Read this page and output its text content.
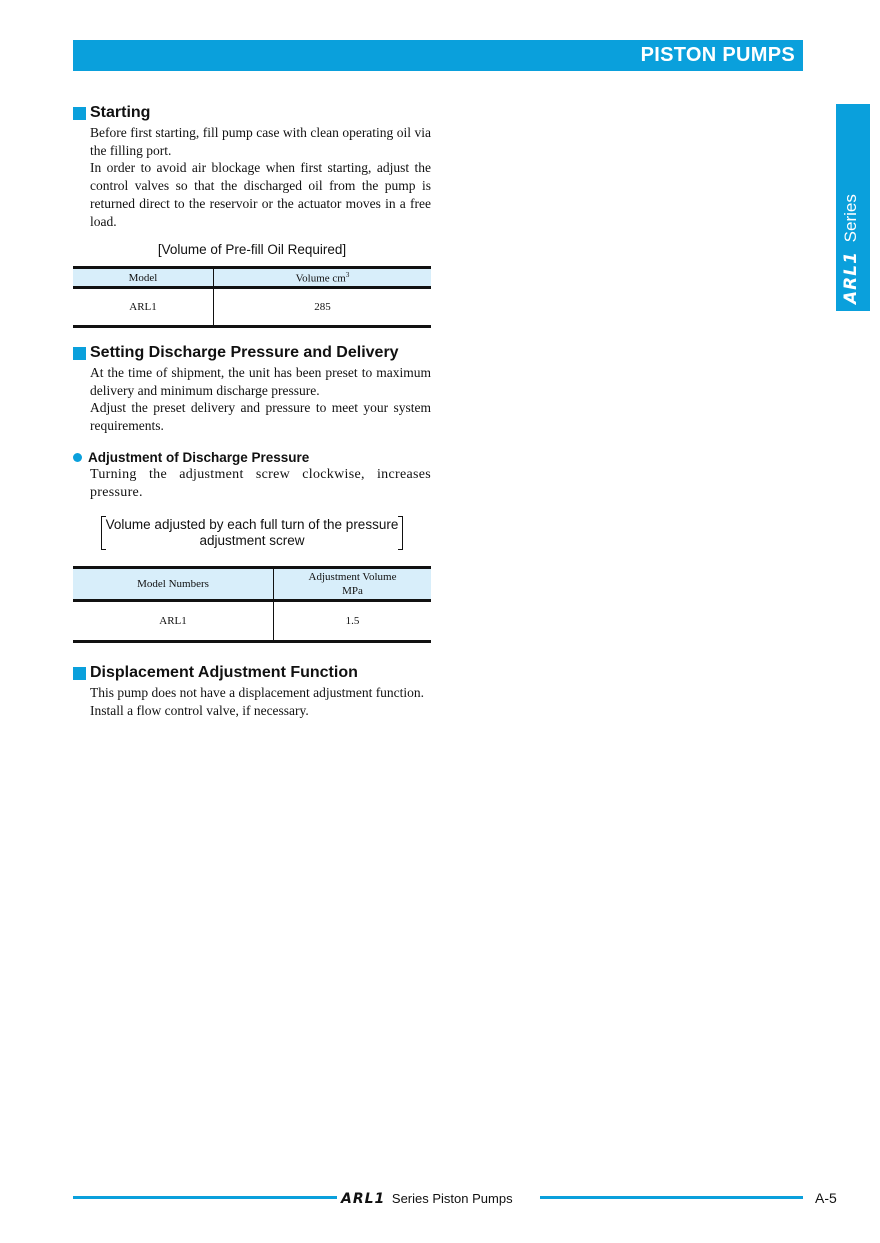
PISTON PUMPS
ARL1 Series
Starting

Before first starting, fill pump case with clean operating oil via the filling port.

In order to avoid air blockage when first starting, adjust the control valves so that the discharged oil from the pump is returned direct to the reservoir or the actuator moves in a free load.

[Volume of Pre-fill Oil Required]

Model	Volume $cm^3$
ARL1	285
Setting Discharge Pressure and Delivery

At the time of shipment, the unit has been preset to maximum delivery and minimum discharge pressure.

Adjust the preset delivery and pressure to meet your system requirements.

Adjustment of Discharge Pressure

Turning the adjustment screw clockwise, increases pressure.

Volume adjusted by each full turn of the pressure
adjustment screw
Model Numbers	Adjustment Volume
MPa

ARL1	1.5
Displacement Adjustment Function

This pump does not have a displacement adjustment function.

Install a flow control valve, if necessary.

ARL1 Series Piston Pumps	A-5
